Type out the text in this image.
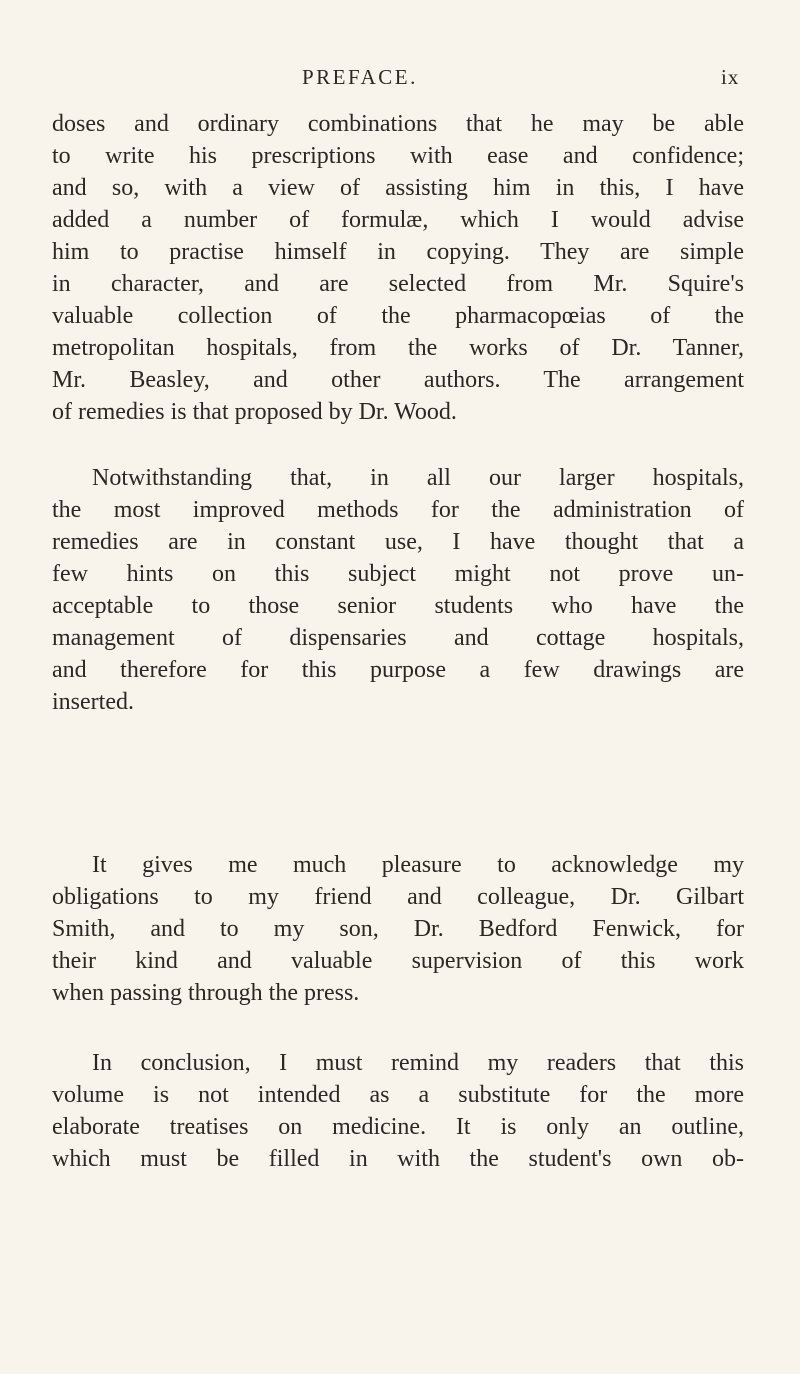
PREFACE.	ix
doses and ordinary combinations that he may be able
to write his prescriptions with ease and confidence;
and so, with a view of assisting him in this, I have
added a number of formulæ, which I would advise
him to practise himself in copying. They are simple
in character, and are selected from Mr. Squire's
valuable collection of the pharmacopœias of the
metropolitan hospitals, from the works of Dr. Tanner,
Mr. Beasley, and other authors. The arrangement
of remedies is that proposed by Dr. Wood.
Notwithstanding that, in all our larger hospitals,
the most improved methods for the administration of
remedies are in constant use, I have thought that a
few hints on this subject might not prove un-
acceptable to those senior students who have the
management of dispensaries and cottage hospitals,
and therefore for this purpose a few drawings are
inserted.
It gives me much pleasure to acknowledge my
obligations to my friend and colleague, Dr. Gilbart
Smith, and to my son, Dr. Bedford Fenwick, for
their kind and valuable supervision of this work
when passing through the press.
In conclusion, I must remind my readers that this
volume is not intended as a substitute for the more
elaborate treatises on medicine. It is only an outline,
which must be filled in with the student's own ob-
